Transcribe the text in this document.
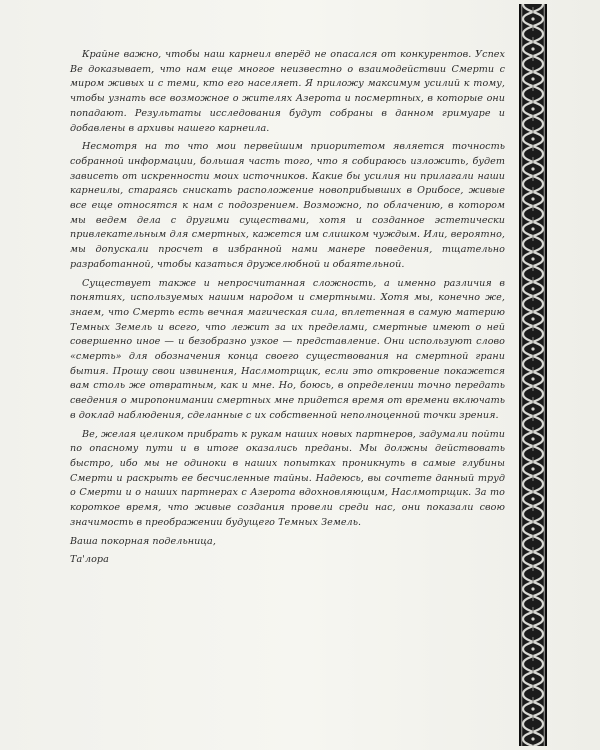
Крайне важно, чтобы наш карнеил вперёд не опасался от конкурентов. Успех Ве доказывает, что нам еще многое неизвестно о взаимодействии Смерти с миром живых и с теми, кто его населяет. Я приложу максимум усилий к тому, чтобы узнать все возможное о жителях Азерота и посмертных, в которые они попадают. Результаты исследования будут собраны в данном гримуаре и добавлены в архивы нашего карнеила.

Несмотря на то что мои первейшим приоритетом является точность собранной информации, большая часть того, что я собираюсь изложить, будет зависеть от искренности моих источников. Какие бы усилия ни прилагали наши карнеилы, стараясь снискать расположение новоприбывших в Орибосе, живые все еще относятся к нам с подозрением. Возможно, по облачению, в котором мы ведем дела с другими существами, хотя и созданное эстетически привлекательным для смертных, кажется им слишком чуждым. Или, вероятно, мы допускали просчет в избранной нами манере поведения, тщательно разработанной, чтобы казаться дружелюбной и обаятельной.

Существует также и непросчитанная сложность, а именно различия в понятиях, используемых нашим народом и смертными. Хотя мы, конечно же, знаем, что Смерть есть вечная магическая сила, вплетенная в самую материю Темных Земель и всего, что лежит за их пределами, смертные имеют о ней совершенно иное — и безобразно узкое — представление. Они используют слово «смерть» для обозначения конца своего существования на смертной грани бытия. Прошу свои извинения, Наслмотрщик, если это откровение покажется вам столь же отвратным, как и мне. Но, боюсь, в определении точно передать сведения о миропонимании смертных мне придется время от времени включать в доклад наблюдения, сделанные с их собственной неполноценной точки зрения.

Ве, желая целиком прибрать к рукам наших новых партнеров, задумали пойти по опасному пути и в итоге оказались преданы. Мы должны действовать быстро, ибо мы не одиноки в наших попытках проникнуть в самые глубины Смерти и раскрыть ее бесчисленные тайны. Надеюсь, вы сочтете данный труд о Смерти и о наших партнерах с Азерота вдохновляющим, Наслмотрщик. За то короткое время, что живые создания провели среди нас, они показали свою значимость в преображении будущего Темных Земель.

Ваша покорная подельница,

Та'лора
